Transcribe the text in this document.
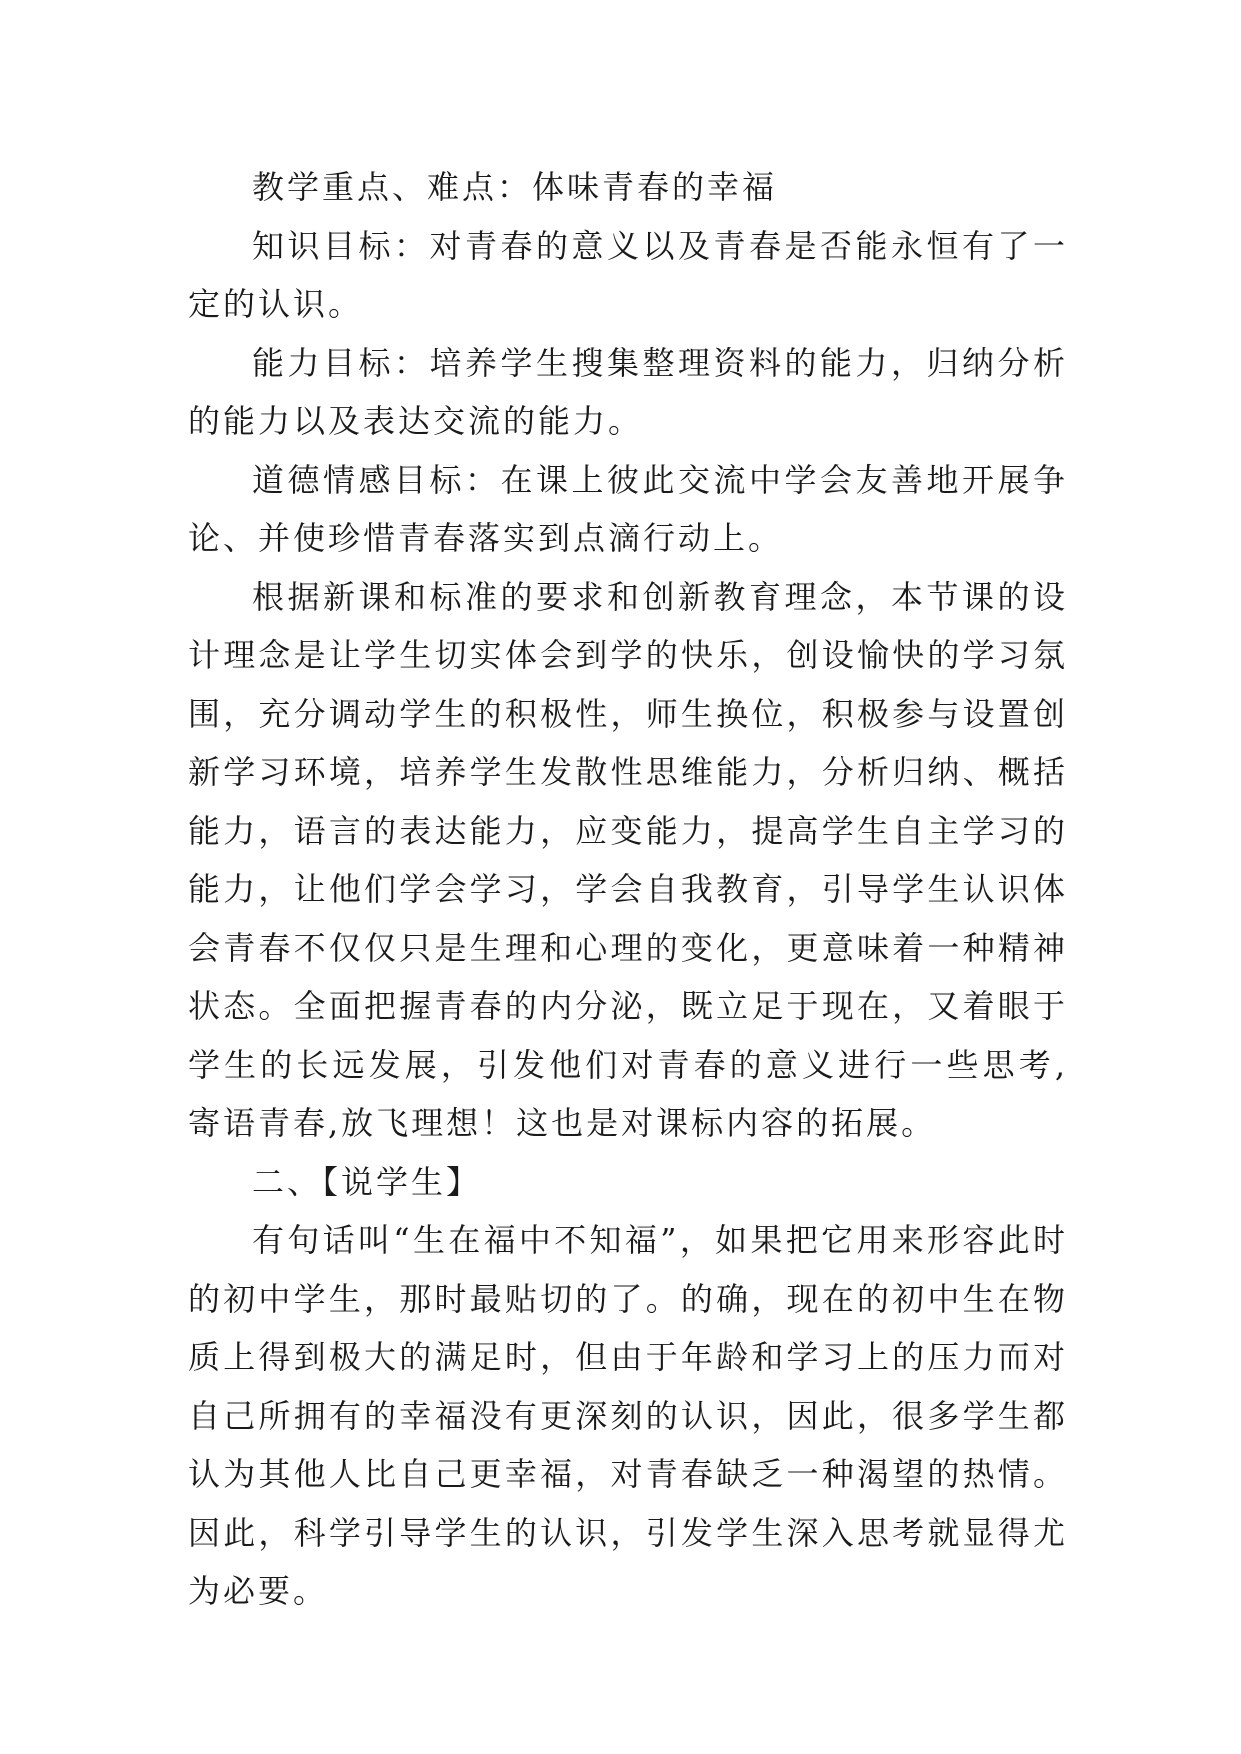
教学重点、难点：体味青春的幸福

知识目标：对青春的意义以及青春是否能永恒有了一定的认识。

能力目标：培养学生搜集整理资料的能力，归纳分析的能力以及表达交流的能力。

道德情感目标：在课上彼此交流中学会友善地开展争论、并使珍惜青春落实到点滴行动上。

根据新课和标准的要求和创新教育理念，本节课的设计理念是让学生切实体会到学的快乐，创设愉快的学习氛围，充分调动学生的积极性，师生换位，积极参与设置创新学习环境，培养学生发散性思维能力，分析归纳、概括能力，语言的表达能力，应变能力，提高学生自主学习的能力，让他们学会学习，学会自我教育，引导学生认识体会青春不仅仅只是生理和心理的变化，更意味着一种精神状态。全面把握青春的内分泌，既立足于现在，又着眼于学生的长远发展，引发他们对青春的意义进行一些思考,寄语青春,放飞理想！这也是对课标内容的拓展。

二、【说学生】

有句话叫“生在福中不知福”，如果把它用来形容此时的初中学生，那时最贴切的了。的确，现在的初中生在物质上得到极大的满足时，但由于年龄和学习上的压力而对自己所拥有的幸福没有更深刻的认识，因此，很多学生都认为其他人比自己更幸福，对青春缺乏一种渴望的热情。因此，科学引导学生的认识，引发学生深入思考就显得尤为必要。
